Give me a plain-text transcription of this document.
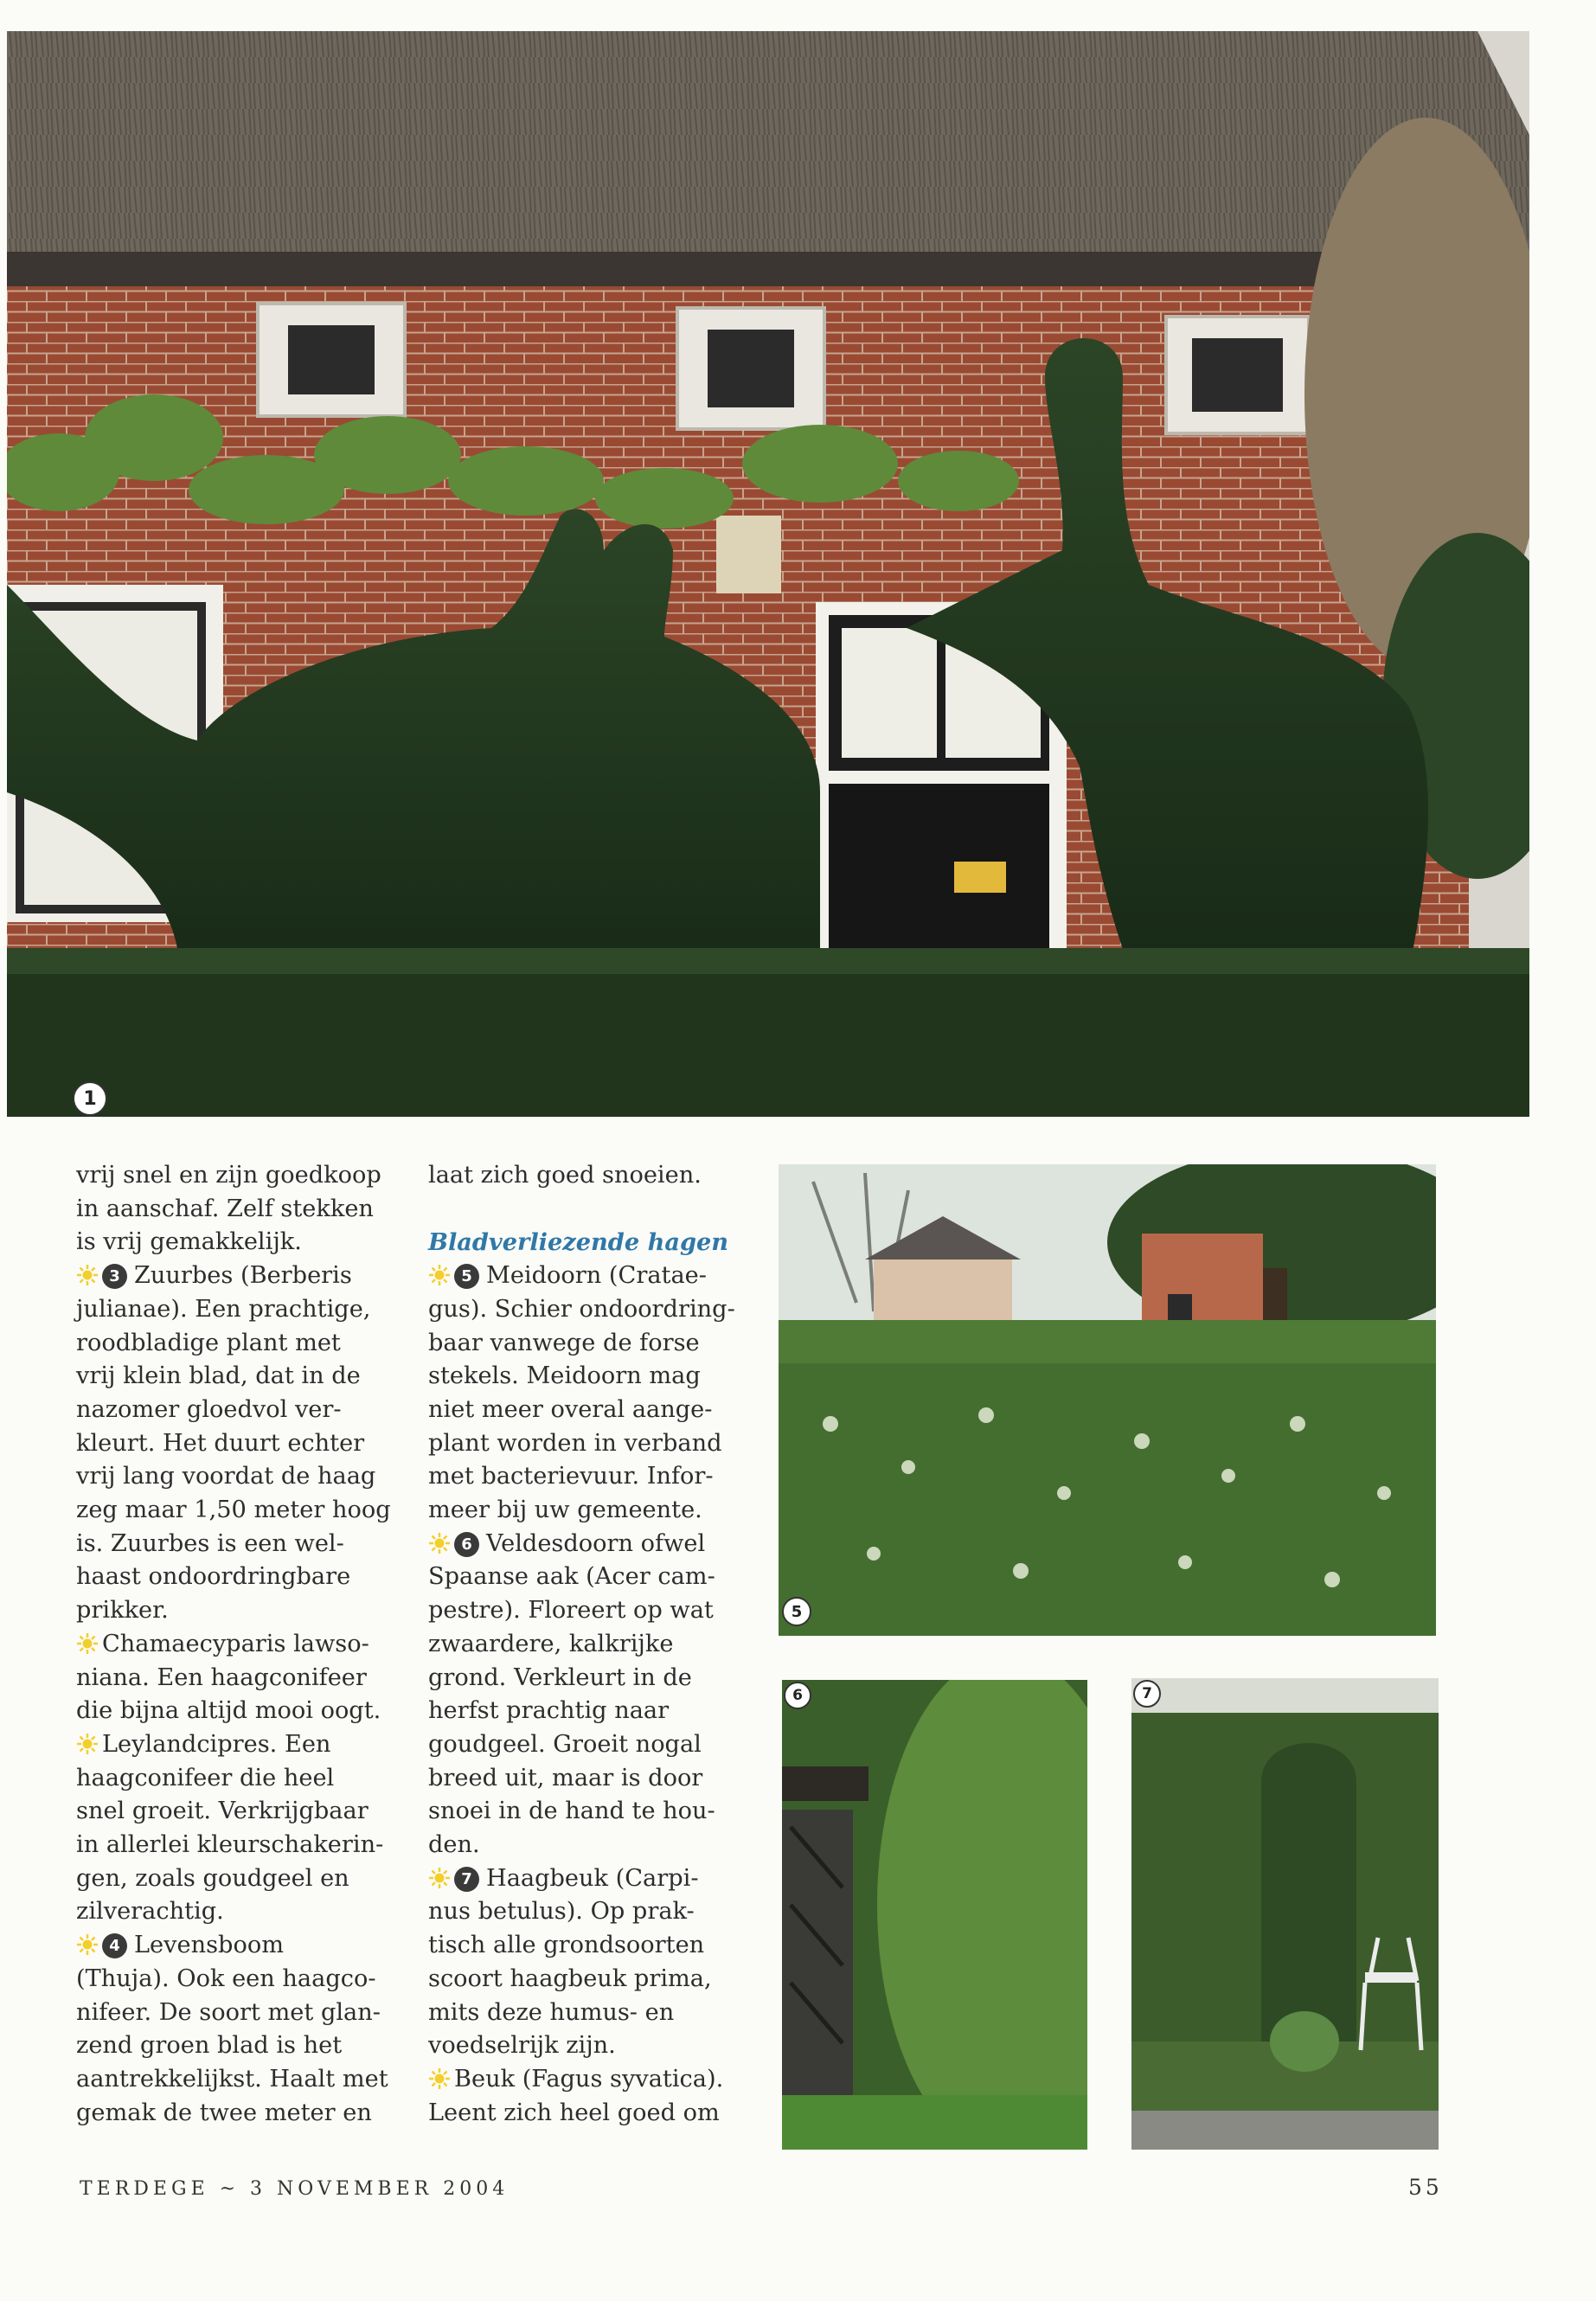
1
5
6	7
vrij snel en zijn goedkoop
in aanschaf. Zelf stekken
is vrij gemakkelijk.
3 Zuurbes (Berberis
julianae). Een prachtige,
roodbladige plant met
vrij klein blad, dat in de
nazomer gloedvol ver-
kleurt. Het duurt echter
vrij lang voordat de haag
zeg maar 1,50 meter hoog
is. Zuurbes is een wel-
haast ondoordringbare
prikker.
Chamaecyparis lawso-
niana. Een haagconifeer
die bijna altijd mooi oogt.
Leylandcipres. Een
haagconifeer die heel
snel groeit. Verkrijgbaar
in allerlei kleurschakerin-
gen, zoals goudgeel en
zilverachtig.
4 Levensboom
(Thuja). Ook een haagco-
nifeer. De soort met glan-
zend groen blad is het
aantrekkelijkst. Haalt met
gemak de twee meter en
laat zich goed snoeien.

Bladverliezende hagen
5 Meidoorn (Cratae-
gus). Schier ondoordring-
baar vanwege de forse
stekels. Meidoorn mag
niet meer overal aange-
plant worden in verband
met bacterievuur. Infor-
meer bij uw gemeente.
6 Veldesdoorn ofwel
Spaanse aak (Acer cam-
pestre). Floreert op wat
zwaardere, kalkrijke
grond. Verkleurt in de
herfst prachtig naar
goudgeel. Groeit nogal
breed uit, maar is door
snoei in de hand te hou-
den.
7 Haagbeuk (Carpi-
nus betulus). Op prak-
tisch alle grondsoorten
scoort haagbeuk prima,
mits deze humus- en
voedselrijk zijn.
Beuk (Fagus syvatica).
Leent zich heel goed om
TERDEGE ~ 3 NOVEMBER 2004	55
